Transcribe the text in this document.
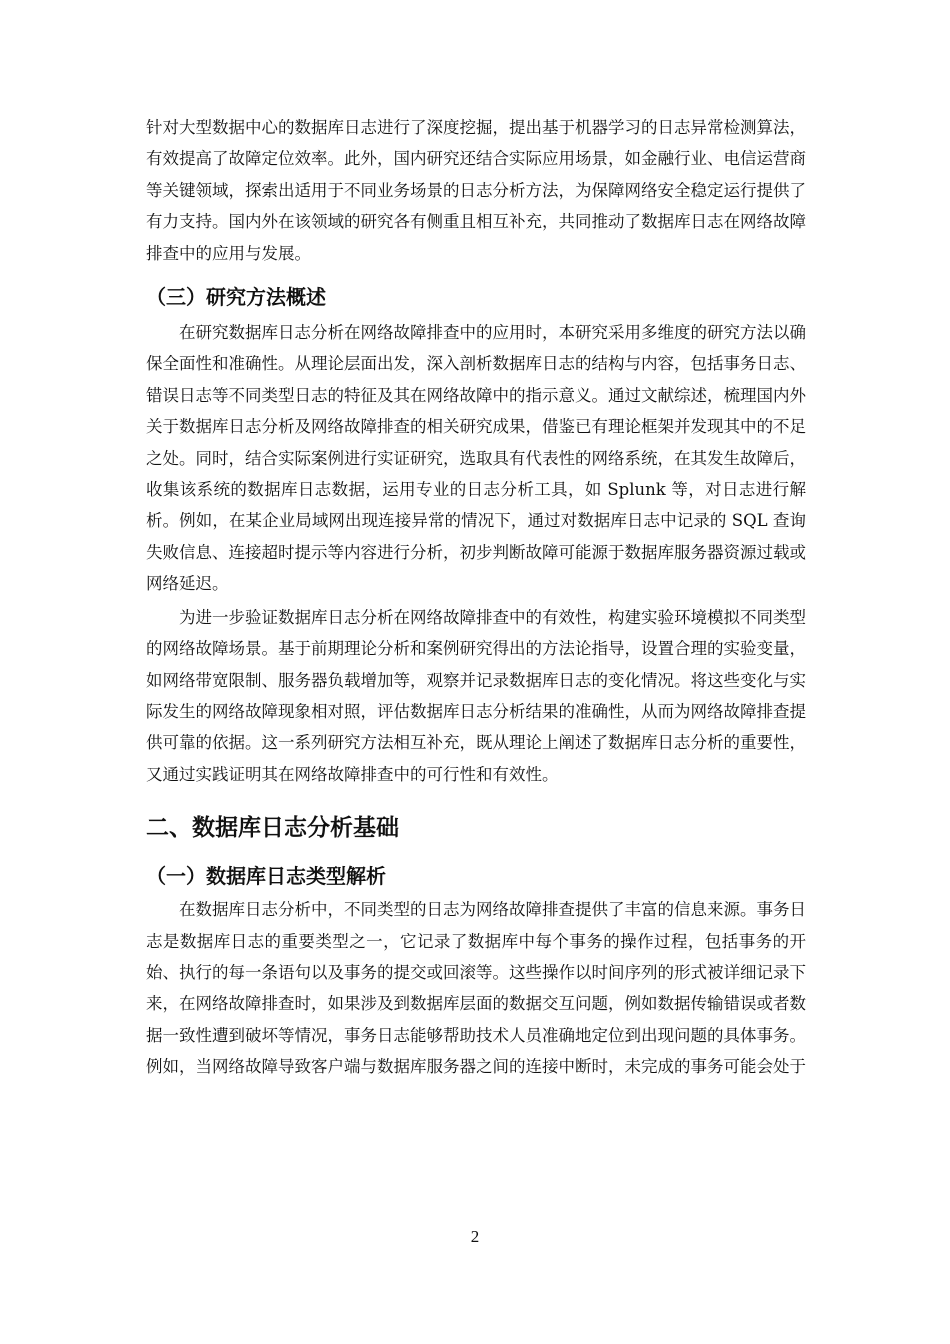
针对大型数据中心的数据库日志进行了深度挖掘，提出基于机器学习的日志异常检测算法，有效提高了故障定位效率。此外，国内研究还结合实际应用场景，如金融行业、电信运营商等关键领域，探索出适用于不同业务场景的日志分析方法，为保障网络安全稳定运行提供了有力支持。国内外在该领域的研究各有侧重且相互补充，共同推动了数据库日志在网络故障排查中的应用与发展。

（三）研究方法概述

在研究数据库日志分析在网络故障排查中的应用时，本研究采用多维度的研究方法以确保全面性和准确性。从理论层面出发，深入剖析数据库日志的结构与内容，包括事务日志、错误日志等不同类型日志的特征及其在网络故障中的指示意义。通过文献综述，梳理国内外关于数据库日志分析及网络故障排查的相关研究成果，借鉴已有理论框架并发现其中的不足之处。同时，结合实际案例进行实证研究，选取具有代表性的网络系统，在其发生故障后，收集该系统的数据库日志数据，运用专业的日志分析工具，如 Splunk 等，对日志进行解析。例如，在某企业局域网出现连接异常的情况下，通过对数据库日志中记录的 SQL 查询失败信息、连接超时提示等内容进行分析，初步判断故障可能源于数据库服务器资源过载或网络延迟。

为进一步验证数据库日志分析在网络故障排查中的有效性，构建实验环境模拟不同类型的网络故障场景。基于前期理论分析和案例研究得出的方法论指导，设置合理的实验变量，如网络带宽限制、服务器负载增加等，观察并记录数据库日志的变化情况。将这些变化与实际发生的网络故障现象相对照，评估数据库日志分析结果的准确性，从而为网络故障排查提供可靠的依据。这一系列研究方法相互补充，既从理论上阐述了数据库日志分析的重要性，又通过实践证明其在网络故障排查中的可行性和有效性。

二、数据库日志分析基础
（一）数据库日志类型解析

在数据库日志分析中，不同类型的日志为网络故障排查提供了丰富的信息来源。事务日志是数据库日志的重要类型之一，它记录了数据库中每个事务的操作过程，包括事务的开始、执行的每一条语句以及事务的提交或回滚等。这些操作以时间序列的形式被详细记录下来，在网络故障排查时，如果涉及到数据库层面的数据交互问题，例如数据传输错误或者数据一致性遭到破坏等情况，事务日志能够帮助技术人员准确地定位到出现问题的具体事务。例如，当网络故障导致客户端与数据库服务器之间的连接中断时，未完成的事务可能会处于

2
